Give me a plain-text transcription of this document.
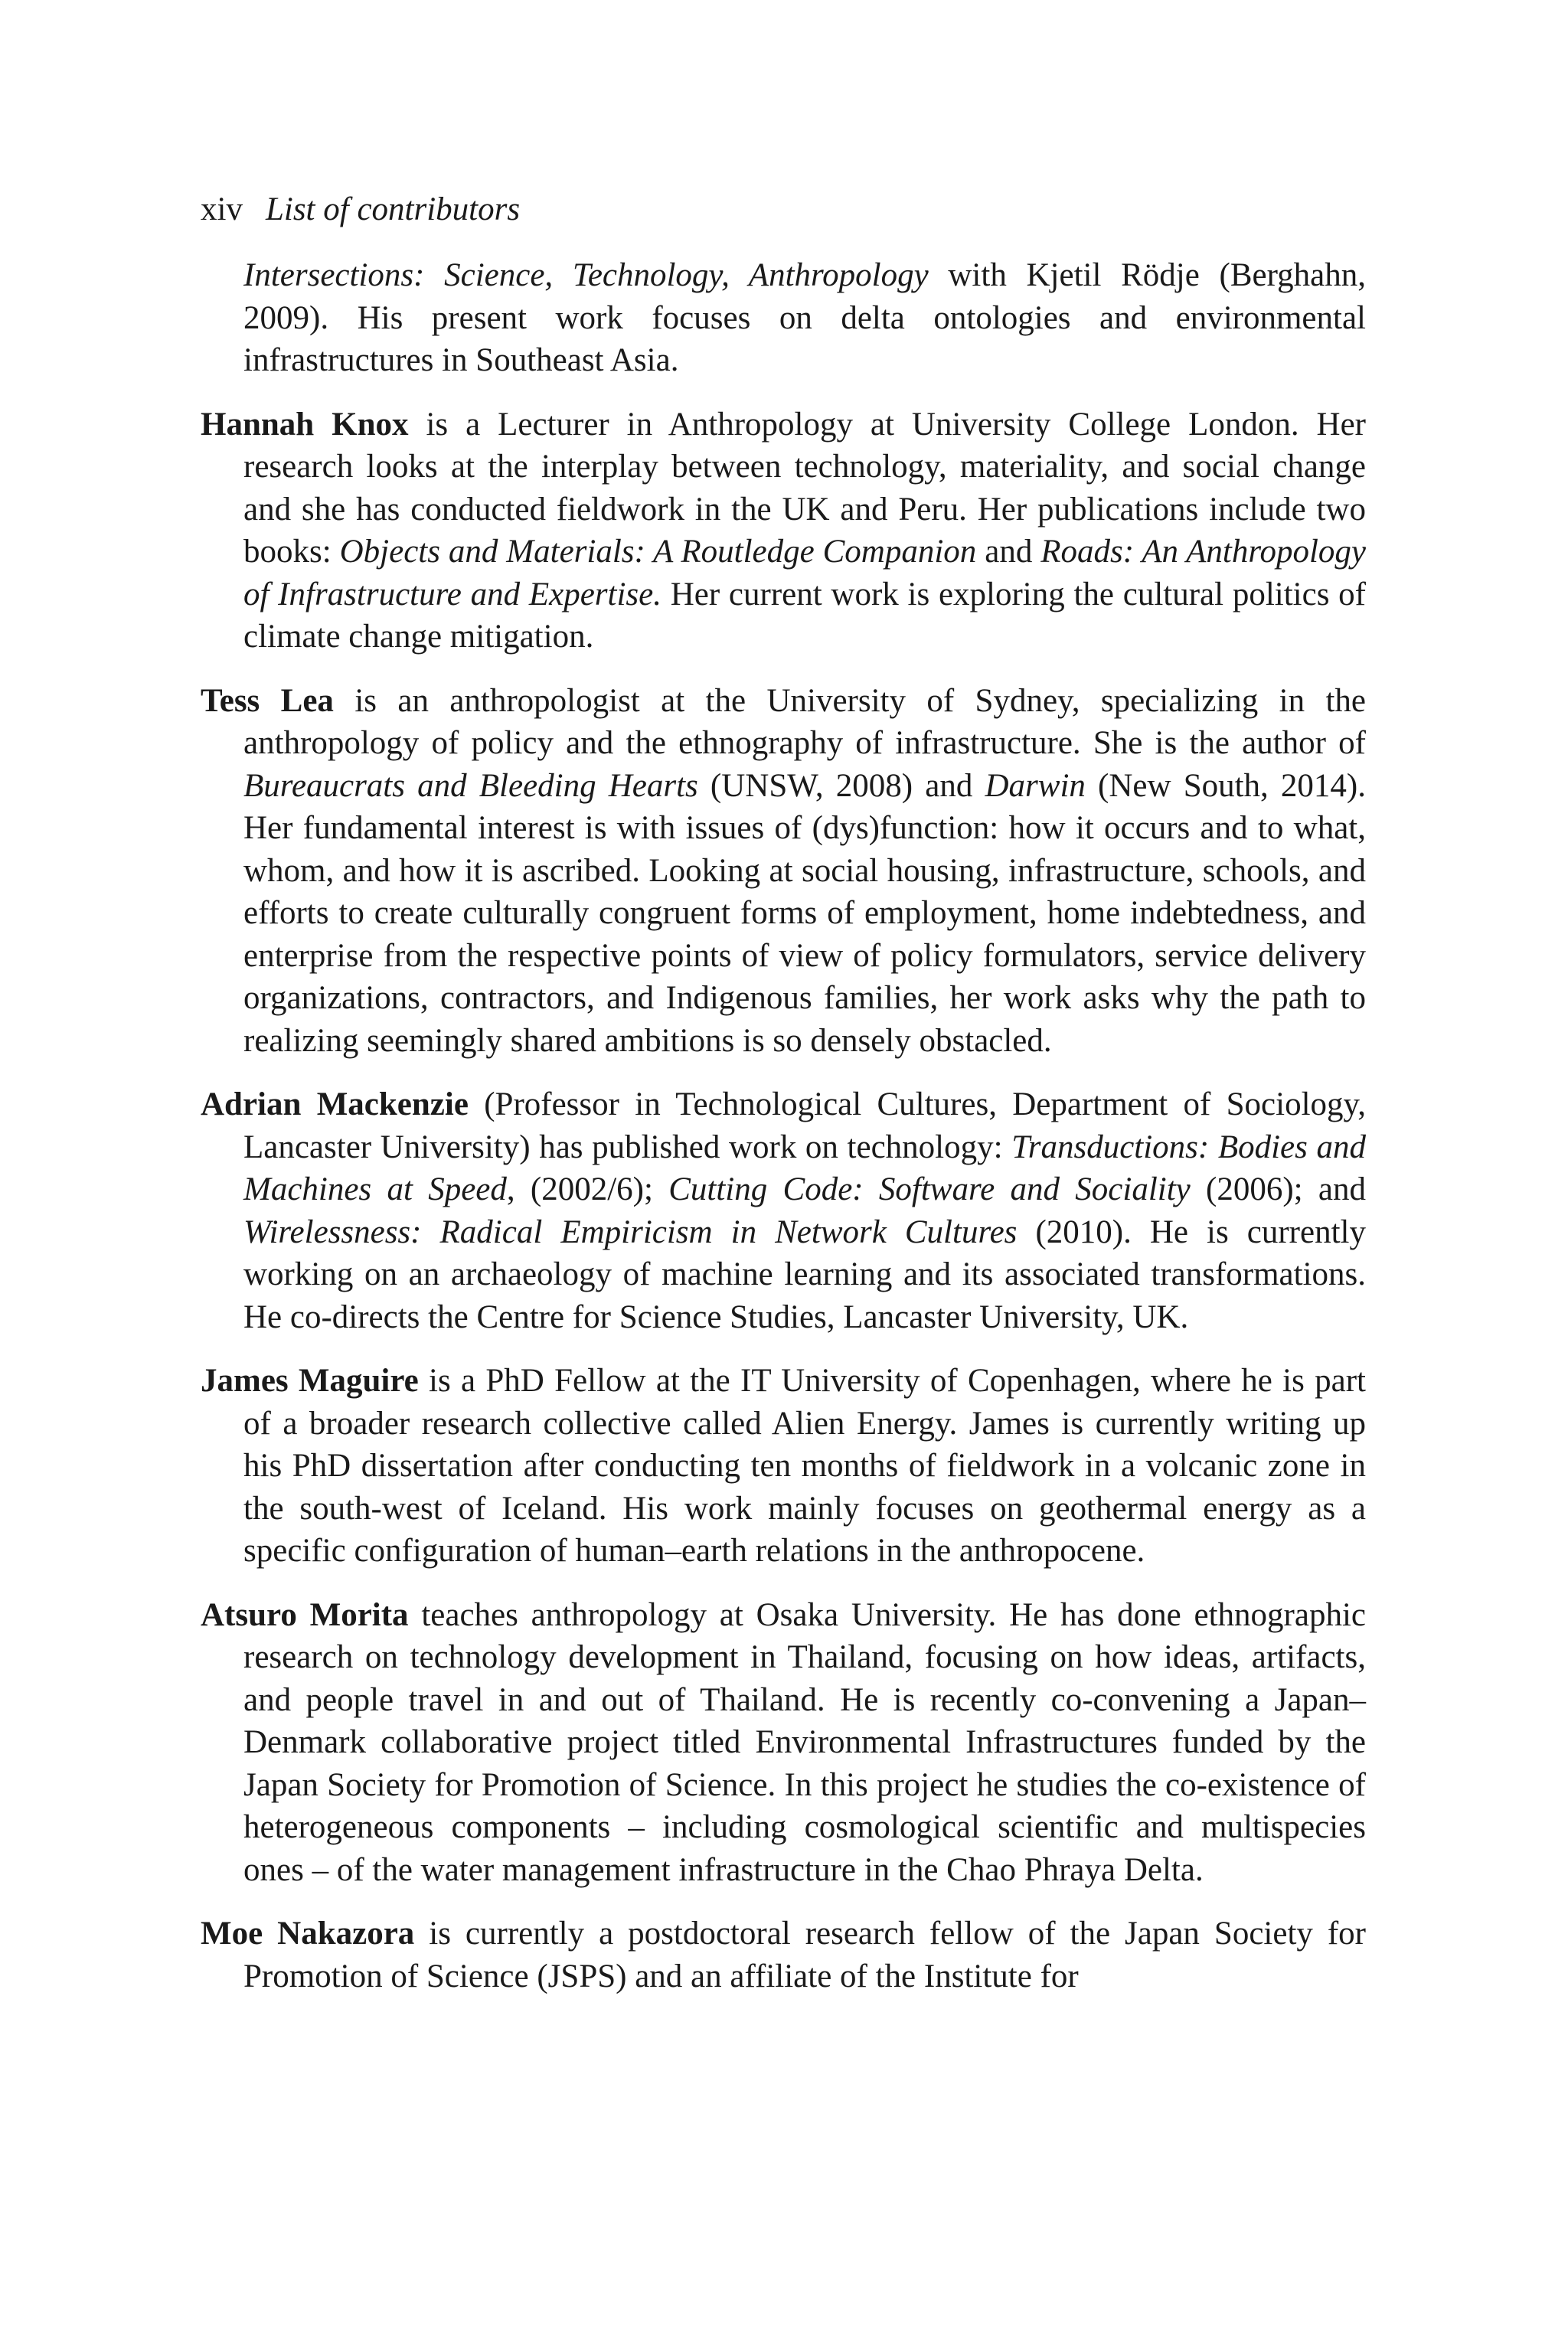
xiv List of contributors

Intersections: Science, Technology, Anthropology with Kjetil Rödje (Berghahn, 2009). His present work focuses on delta ontologies and environmental infrastructures in Southeast Asia.

Hannah Knox is a Lecturer in Anthropology at University College London. Her research looks at the interplay between technology, materiality, and social change and she has conducted fieldwork in the UK and Peru. Her publications include two books: Objects and Materials: A Routledge Companion and Roads: An Anthropology of Infrastructure and Expertise. Her current work is exploring the cultural politics of climate change mitigation.

Tess Lea is an anthropologist at the University of Sydney, specializing in the anthropology of policy and the ethnography of infrastructure. She is the author of Bureaucrats and Bleeding Hearts (UNSW, 2008) and Darwin (New South, 2014). Her fundamental interest is with issues of (dys)function: how it occurs and to what, whom, and how it is ascribed. Looking at social housing, infrastructure, schools, and efforts to create culturally congruent forms of employment, home indebtedness, and enterprise from the respective points of view of policy formulators, service delivery organizations, contractors, and Indigenous families, her work asks why the path to realizing seemingly shared ambitions is so densely obstacled.

Adrian Mackenzie (Professor in Technological Cultures, Department of Sociology, Lancaster University) has published work on technology: Transductions: Bodies and Machines at Speed, (2002/6); Cutting Code: Software and Sociality (2006); and Wirelessness: Radical Empiricism in Network Cultures (2010). He is currently working on an archaeology of machine learning and its associated transformations. He co-directs the Centre for Science Studies, Lancaster University, UK.

James Maguire is a PhD Fellow at the IT University of Copenhagen, where he is part of a broader research collective called Alien Energy. James is currently writing up his PhD dissertation after conducting ten months of fieldwork in a volcanic zone in the south-west of Iceland. His work mainly focuses on geothermal energy as a specific configuration of human–earth relations in the anthropocene.

Atsuro Morita teaches anthropology at Osaka University. He has done ethnographic research on technology development in Thailand, focusing on how ideas, artifacts, and people travel in and out of Thailand. He is recently co-convening a Japan–Denmark collaborative project titled Environmental Infrastructures funded by the Japan Society for Promotion of Science. In this project he studies the co-existence of heterogeneous components – including cosmological scientific and multispecies ones – of the water management infrastructure in the Chao Phraya Delta.

Moe Nakazora is currently a postdoctoral research fellow of the Japan Society for Promotion of Science (JSPS) and an affiliate of the Institute for
